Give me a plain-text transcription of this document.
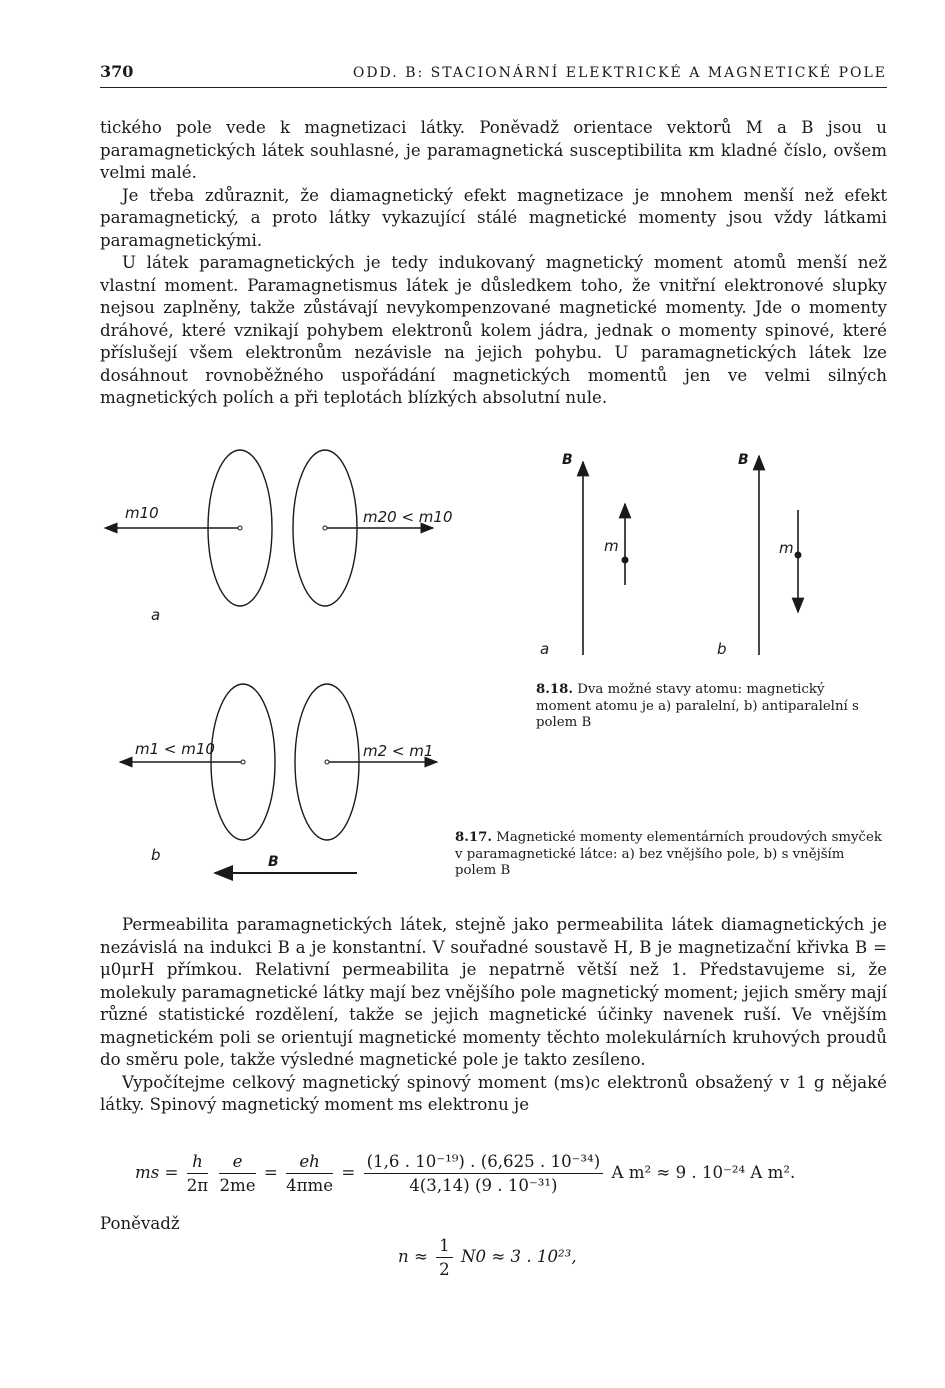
370	ODD. B: STACIONÁRNÍ ELEKTRICKÉ A MAGNETICKÉ POLE

tického pole vede k magnetizaci látky. Poněvadž orientace vektorů M a B jsou u paramagnetických látek souhlasné, je paramagnetická susceptibilita κm kladné číslo, ovšem velmi malé.

Je třeba zdůraznit, že diamagnetický efekt magnetizace je mnohem menší než efekt paramagnetický, a proto látky vykazující stálé magnetické momenty jsou vždy látkami paramagnetickými.

U látek paramagnetických je tedy indukovaný magnetický moment atomů menší než vlastní moment. Paramagnetismus látek je důsledkem toho, že vnitřní elektronové slupky nejsou zaplněny, takže zůstávají nevykompenzované magnetické momenty. Jde o momenty dráhové, které vznikají pohybem elektronů kolem jádra, jednak o momenty spinové, které příslušejí všem elektronům nezávisle na jejich pohybu. U paramagnetických látek lze dosáhnout rovnoběžného uspořádání magnetických momentů jen ve velmi silných magnetických polích a při teplotách blízkých absolutní nule.

m10	m20 < m10
a
m1 < m10	m2 < m1
b	B
B	B
m	m
a	b
8.18. Dva možné stavy atomu: magnetický moment atomu je a) paralelní, b) antiparalelní s polem B
8.17. Magnetické momenty elementárních proudových smyček v paramagnetické látce: a) bez vnějšího pole, b) s vnějším polem B

Permeabilita paramagnetických látek, stejně jako permeabilita látek diamagnetických je nezávislá na indukci B a je konstantní. V souřadné soustavě H, B je magnetizační křivka B = μ0μrH přímkou. Relativní permeabilita je nepatrně větší než 1. Představujeme si, že molekuly paramagnetické látky mají bez vnějšího pole magnetický moment; jejich směry mají různé statistické rozdělení, takže se jejich magnetické účinky navenek ruší. Ve vnějším magnetickém poli se orientují magnetické momenty těchto molekulárních kruhových proudů do směru pole, takže výsledné magnetické pole je takto zesíleno.

Vypočítejme celkový magnetický spinový moment (ms)c elektronů obsažený v 1 g nějaké látky. Spinový magnetický moment ms elektronu je

ms = $\frac{h}{2\pi}$
$\frac{e}{2me} = \frac{eh}{\text{4πme}} = \frac{\text{(1,6 . 10⁻¹⁹) . (6,625 . 10⁻³⁴)}}{\text{4(3,14) (9 . 10⁻³¹)}}$ A m² ≈ 9 . 10⁻²⁴ A m².
Poněvadž
$n \approx \frac{1}{2} N0 \approx 3$ . 10²³,
